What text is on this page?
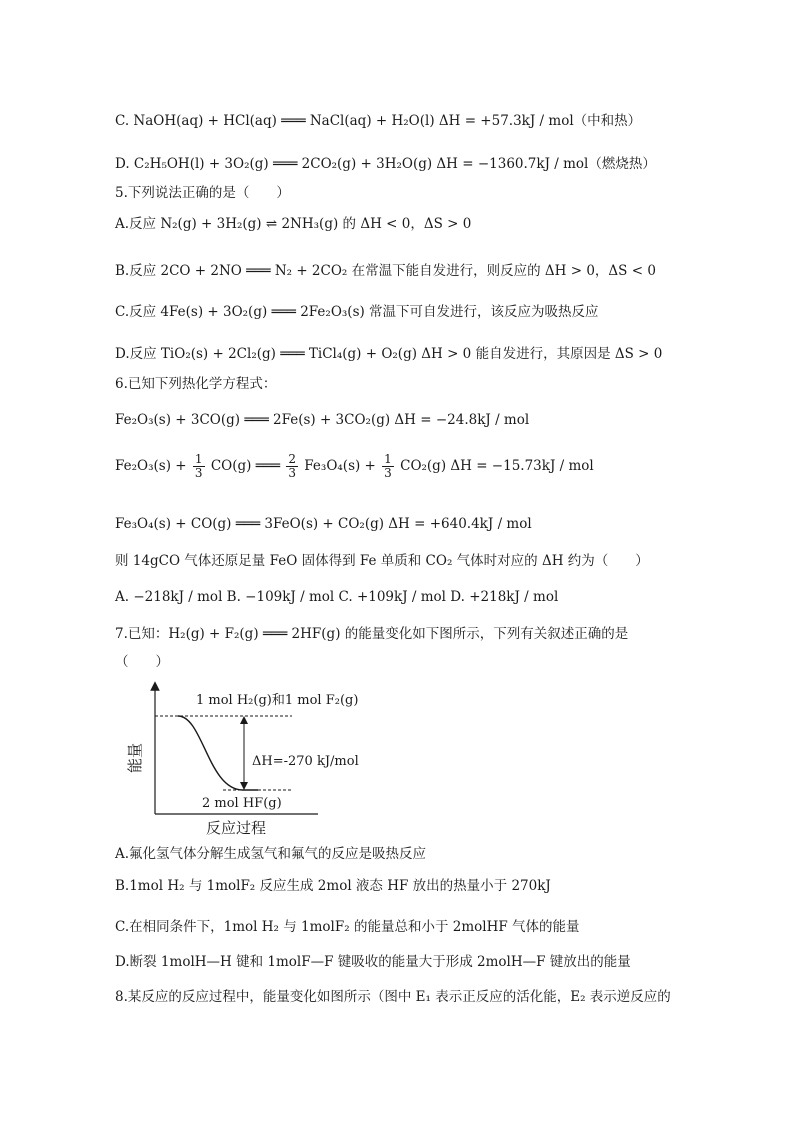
C. NaOH(aq) + HCl(aq) ═══ NaCl(aq) + H₂O(l) ΔH = +57.3kJ / mol（中和热）
D. C₂H₅OH(l) + 3O₂(g) ═══ 2CO₂(g) + 3H₂O(g) ΔH = −1360.7kJ / mol（燃烧热）
5.下列说法正确的是（　　）
A.反应 N₂(g) + 3H₂(g) ⇌ 2NH₃(g) 的 ΔH < 0，ΔS > 0
B.反应 2CO + 2NO ═══ N₂ + 2CO₂ 在常温下能自发进行，则反应的 ΔH > 0，ΔS < 0
C.反应 4Fe(s) + 3O₂(g) ═══ 2Fe₂O₃(s) 常温下可自发进行，该反应为吸热反应
D.反应 TiO₂(s) + 2Cl₂(g) ═══ TiCl₄(g) + O₂(g) ΔH > 0 能自发进行，其原因是 ΔS > 0
6.已知下列热化学方程式：
Fe₂O₃(s) + 3CO(g) ═══ 2Fe(s) + 3CO₂(g) ΔH = −24.8kJ / mol
$Fe_2O_3(s) + \frac{1}{3} CO(g)$ ═══ $\frac{2}{3} Fe_3O_4(s) + \frac{1}{3} CO_2(g) \Delta H = -15.73kJ$ / mol
Fe₃O₄(s) + CO(g) ═══ 3FeO(s) + CO₂(g) ΔH = +640.4kJ / mol
则 14gCO 气体还原足量 FeO 固体得到 Fe 单质和 CO₂ 气体时对应的 ΔH 约为（　　）
A. −218kJ / mol B. −109kJ / mol C. +109kJ / mol D. +218kJ / mol
7.已知：H₂(g) + F₂(g) ═══ 2HF(g) 的能量变化如下图所示，下列有关叙述正确的是
（　　）
能量
反应过程
1 mol H₂(g)和1 mol F₂(g)
2 mol HF(g)
ΔH=-270 kJ/mol
A.氟化氢气体分解生成氢气和氟气的反应是吸热反应
B.1mol H₂ 与 1molF₂ 反应生成 2mol 液态 HF 放出的热量小于 270kJ
C.在相同条件下，1mol H₂ 与 1molF₂ 的能量总和小于 2molHF 气体的能量
D.断裂 1molH—H 键和 1molF—F 键吸收的能量大于形成 2molH—F 键放出的能量
8.某反应的反应过程中，能量变化如图所示（图中 E₁ 表示正反应的活化能，E₂ 表示逆反应的
